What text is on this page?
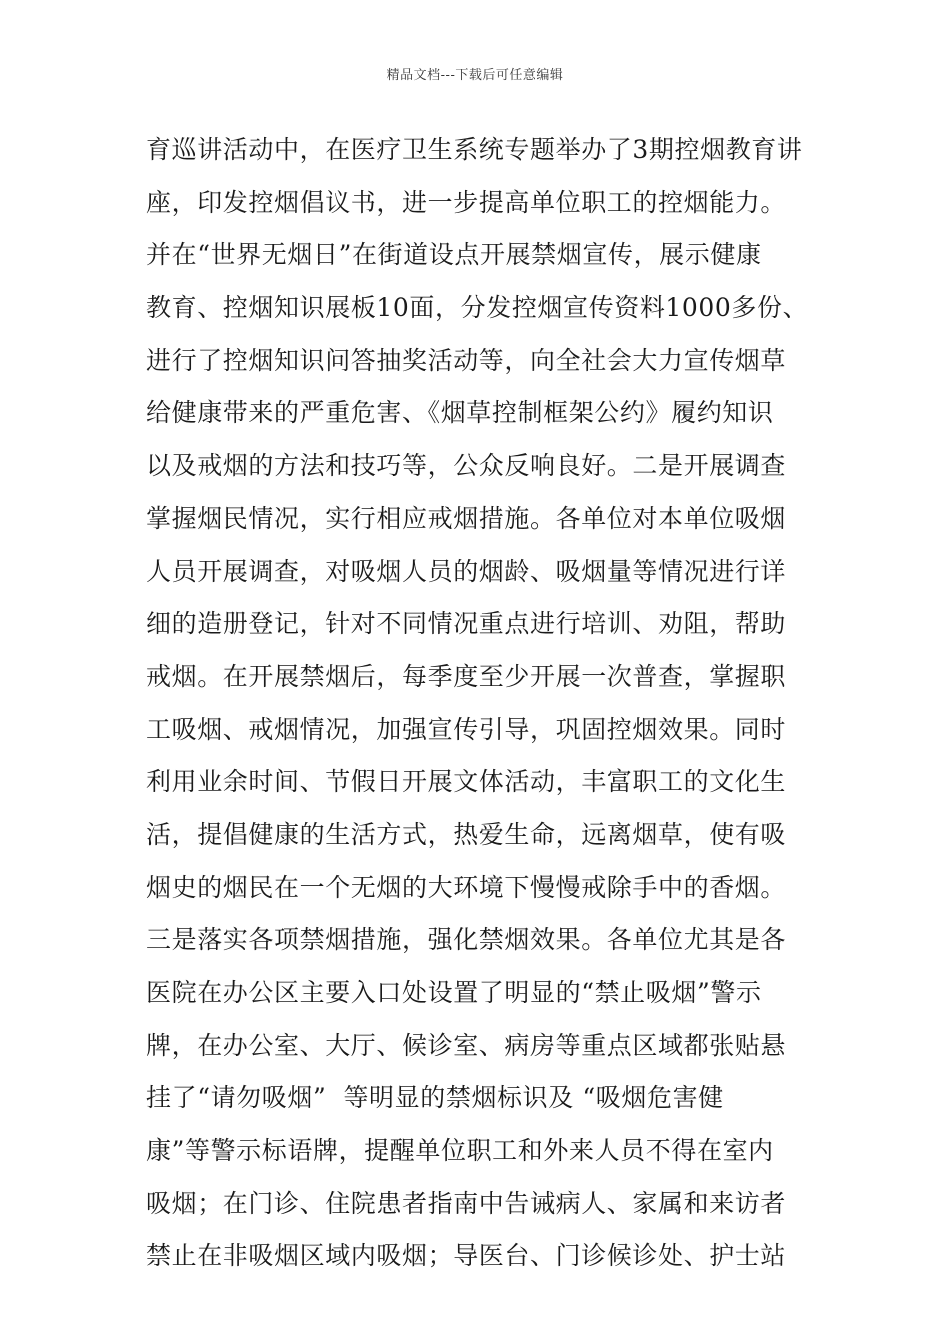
精品文档---下载后可任意编辑
育巡讲活动中，在医疗卫生系统专题举办了3期控烟教育讲
座，印发控烟倡议书，进一步提高单位职工的控烟能力。
并在“世界无烟日”在街道设点开展禁烟宣传，展示健康
教育、控烟知识展板10面，分发控烟宣传资料1000多份、
进行了控烟知识问答抽奖活动等，向全社会大力宣传烟草
给健康带来的严重危害、《烟草控制框架公约》履约知识
以及戒烟的方法和技巧等，公众反响良好。二是开展调查
掌握烟民情况，实行相应戒烟措施。各单位对本单位吸烟
人员开展调查，对吸烟人员的烟龄、吸烟量等情况进行详
细的造册登记，针对不同情况重点进行培训、劝阻，帮助
戒烟。在开展禁烟后，每季度至少开展一次普查，掌握职
工吸烟、戒烟情况，加强宣传引导，巩固控烟效果。同时
利用业余时间、节假日开展文体活动，丰富职工的文化生
活，提倡健康的生活方式，热爱生命，远离烟草，使有吸
烟史的烟民在一个无烟的大环境下慢慢戒除手中的香烟。
三是落实各项禁烟措施，强化禁烟效果。各单位尤其是各
医院在办公区主要入口处设置了明显的“禁止吸烟”警示
牌，在办公室、大厅、候诊室、病房等重点区域都张贴悬
挂了“请勿吸烟”  等明显的禁烟标识及 “吸烟危害健
康”等警示标语牌，提醒单位职工和外来人员不得在室内
吸烟；在门诊、住院患者指南中告诫病人、家属和来访者
禁止在非吸烟区域内吸烟；导医台、门诊候诊处、护士站
